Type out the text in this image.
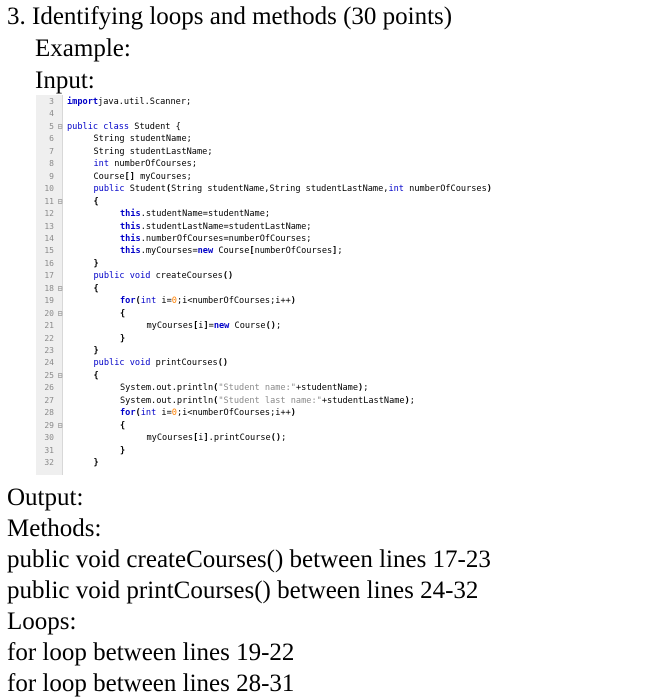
3. Identifying loops and methods (30 points)
Example:
Input:
3 importjava.util.Scanner;
4
5 ⊟ public class Student {
6	String studentName;
7	String studentLastName;
8	int numberOfCourses;
9	Course[] myCourses;
10	public Student(String studentName,String studentLastName,int numberOfCourses)
11 ⊟	{
12	this.studentName=studentName;
13	this.studentLastName=studentLastName;
14	this.numberOfCourses=numberOfCourses;
15	this.myCourses=new Course[numberOfCourses];
16	}
17	public void createCourses()
18 ⊟	{
19	for(int i=0;i<numberOfCourses;i++)
20 ⊟	{
21	myCourses[i]=new Course();
22	}
23	}
24	public void printCourses()
25 ⊟	{
26	System.out.println("Student name:"+studentName);
27	System.out.println("Student last name:"+studentLastName);
28	for(int i=0;i<numberOfCourses;i++)
29 ⊟	{
30	myCourses[i].printCourse();
31	}
32	}
Output:
Methods:
public void createCourses() between lines 17-23
public void printCourses() between lines 24-32
Loops:
for loop between lines 19-22
for loop between lines 28-31
